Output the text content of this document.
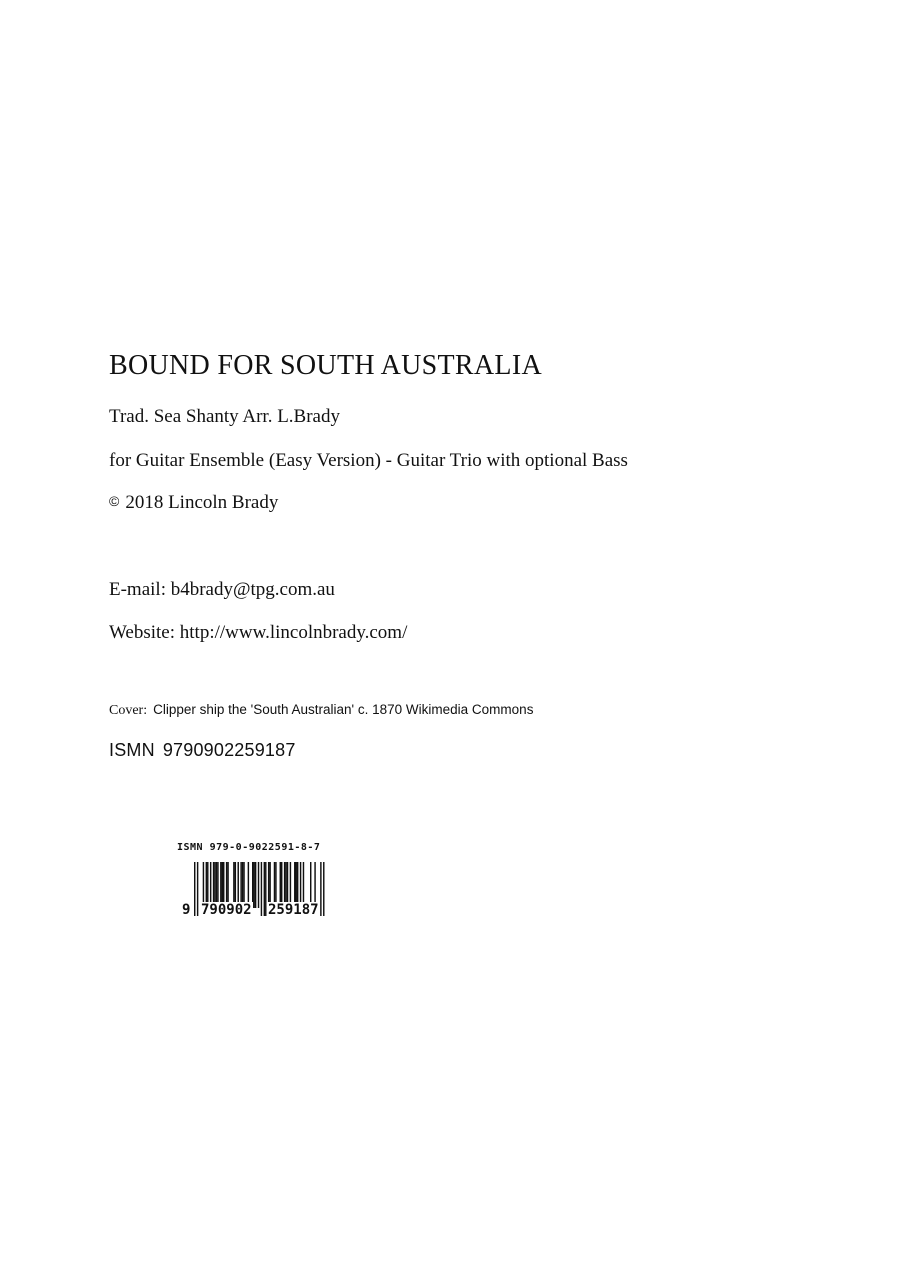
BOUND FOR SOUTH AUSTRALIA
Trad. Sea Shanty Arr. L.Brady
for Guitar Ensemble (Easy Version) - Guitar Trio with optional Bass
© 2018 Lincoln Brady
E-mail: b4brady@tpg.com.au
Website: http://www.lincolnbrady.com/
Cover: Clipper ship the 'South Australian' c. 1870 Wikimedia Commons
ISMN 9790902259187
ISMN 979-0-9022591-8-7
9 790902 259187
